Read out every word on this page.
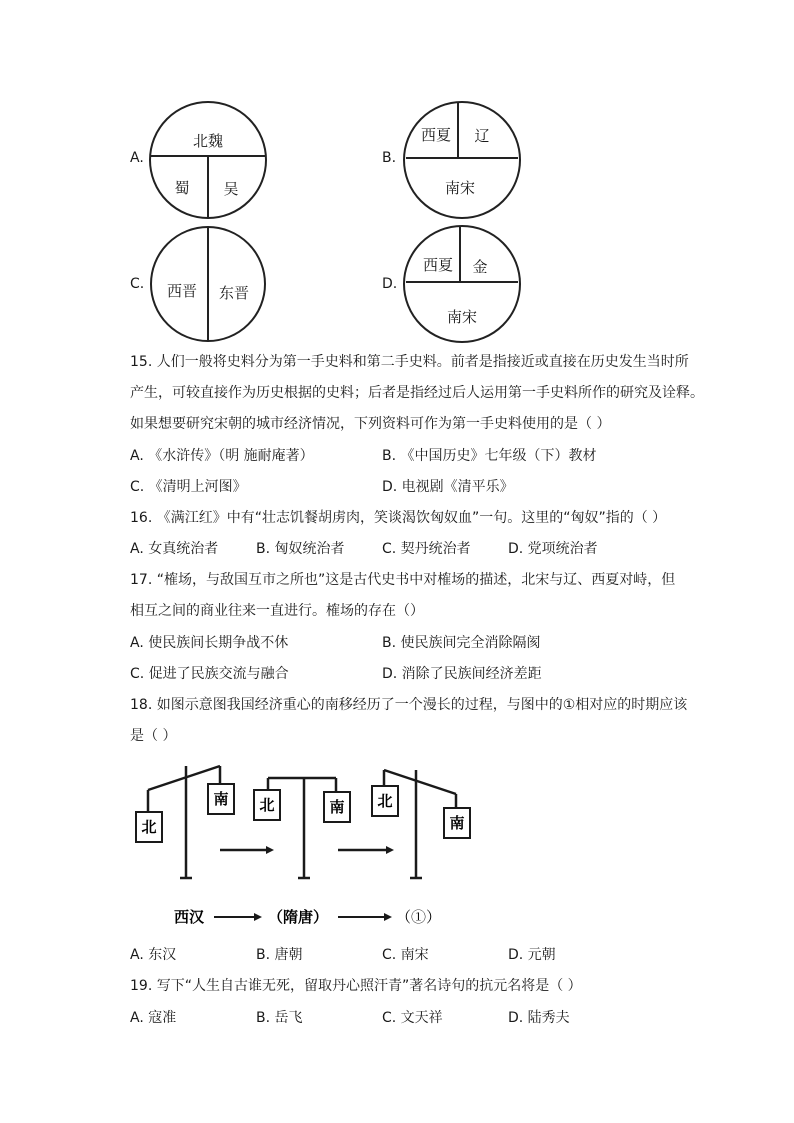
A.
北魏
蜀 吴
B.
西夏 辽
南宋
C. 西晋 东晋	D.
西夏 金
南宋
15. 人们一般将史料分为第一手史料和第二手史料。前者是指接近或直接在历史发生当时所
产生，可较直接作为历史根据的史料；后者是指经过后人运用第一手史料所作的研究及诠释。
如果想要研究宋朝的城市经济情况，下列资料可作为第一手史料使用的是（ ）
A. 《水浒传》（明 施耐庵著）	B. 《中国历史》七年级（下）教材
C. 《清明上河图》	D. 电视剧《清平乐》
16. 《满江红》中有“壮志饥餐胡虏肉，笑谈渴饮匈奴血”一句。这里的“匈奴”指的（ ）
A. 女真统治者	B. 匈奴统治者	C. 契丹统治者	D. 党项统治者
17. “榷场，与敌国互市之所也”这是古代史书中对榷场的描述，北宋与辽、西夏对峙，但
相互之间的商业往来一直进行。榷场的存在（）
A. 使民族间长期争战不休	B. 使民族间完全消除隔阂
C. 促进了民族交流与融合	D. 消除了民族间经济差距
18. 如图示意图我国经济重心的南移经历了一个漫长的过程，与图中的①相对应的时期应该
是（ ）
北
南 北	南 北
南
西汉	（隋唐）	（①）
A. 东汉	B. 唐朝	C. 南宋	D. 元朝
19. 写下“人生自古谁无死，留取丹心照汗青”著名诗句的抗元名将是（ ）
A. 寇准	B. 岳飞	C. 文天祥	D. 陆秀夫
